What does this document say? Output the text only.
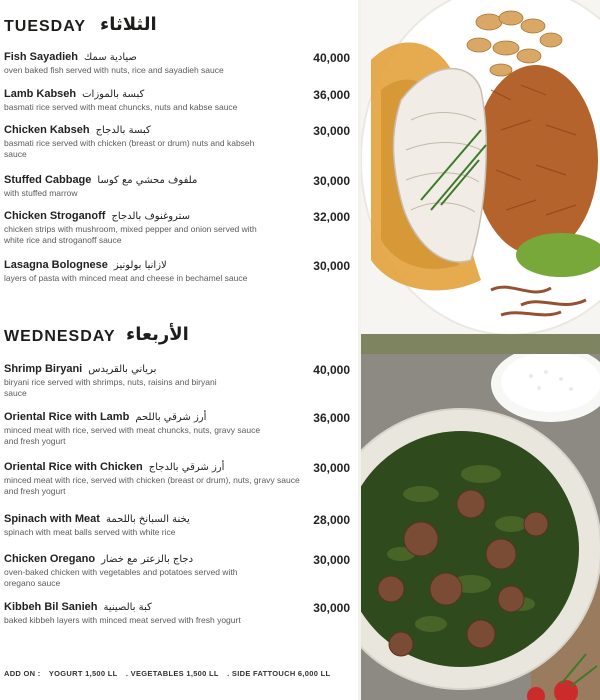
TUESDAY الثلاثاء
Fish Sayadieh صيادية سمك	40,000
oven baked fish served with nuts, rice and sayadieh sauce
Lamb Kabseh كبسة بالموزات	36,000
basmati rice served with meat chuncks, nuts and kabse sauce
Chicken Kabseh كبسة بالدجاج	30,000
basmati rice served with chicken (breast or drum) nuts and kabseh sauce
Stuffed Cabbage ملفوف محشي مع كوسا	30,000
with stuffed marrow
Chicken Stroganoff ستروغنوف بالدجاج	32,000
chicken strips with mushroom, mixed pepper and onion served with white rice and stroganoff sauce
Lasagna Bolognese لازانيا بولونيز	30,000
layers of pasta with minced meat and cheese in bechamel sauce
WEDNESDAY الأربعاء
Shrimp Biryani برياني بالقريدس	40,000
biryani rice served with shrimps, nuts, raisins and biryani sauce
Oriental Rice with Lamb أرز شرقي باللحم	36,000
minced meat with rice, served with meat chuncks, nuts, gravy sauce and fresh yogurt
Oriental Rice with Chicken أرز شرقي بالدجاج	30,000
minced meat with rice, served with chicken (breast or drum), nuts, gravy sauce and fresh yogurt
Spinach with Meat يخنة السبانخ باللحمة	28,000
spinach with meat balls served with white rice
Chicken Oregano دجاج بالزعتر مع خضار	30,000
oven-baked chicken with vegetables and potatoes served with oregano sauce
Kibbeh Bil Sanieh كبة بالصينية	30,000
baked kibbeh layers with minced meat served with fresh yogurt
ADD ON : YOGURT 1,500 LL . VEGETABLES 1,500 LL . SIDE FATTOUCH 6,000 LL
